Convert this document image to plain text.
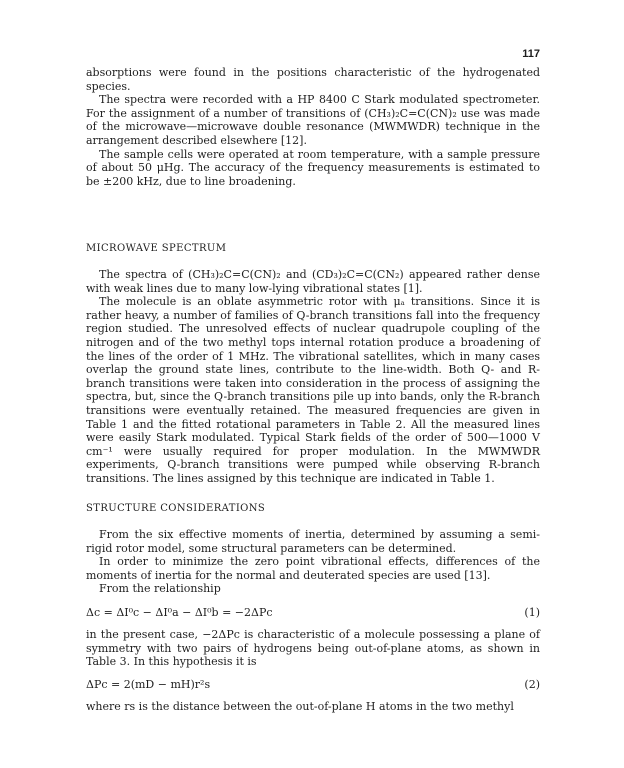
117

absorptions were found in the positions characteristic of the hydrogenated species.

The spectra were recorded with a HP 8400 C Stark modulated spectrometer. For the assignment of a number of transitions of (CH₃)₂C=C(CN)₂ use was made of the microwave—microwave double resonance (MWMWDR) technique in the arrangement described elsewhere [12].

The sample cells were operated at room temperature, with a sample pressure of about 50 μHg. The accuracy of the frequency measurements is estimated to be ±200 kHz, due to line broadening.

MICROWAVE SPECTRUM

The spectra of (CH₃)₂C=C(CN)₂ and (CD₃)₂C=C(CN₂) appeared rather dense with weak lines due to many low-lying vibrational states [1].

The molecule is an oblate asymmetric rotor with μₐ transitions. Since it is rather heavy, a number of families of Q-branch transitions fall into the frequency region studied. The unresolved effects of nuclear quadrupole coupling of the nitrogen and of the two methyl tops internal rotation produce a broadening of the lines of the order of 1 MHz. The vibrational satellites, which in many cases overlap the ground state lines, contribute to the line-width. Both Q- and R-branch transitions were taken into consideration in the process of assigning the spectra, but, since the Q-branch transitions pile up into bands, only the R-branch transitions were eventually retained. The measured frequencies are given in Table 1 and the fitted rotational parameters in Table 2. All the measured lines were easily Stark modulated. Typical Stark fields of the order of 500—1000 V cm⁻¹ were usually required for proper modulation. In the MWMWDR experiments, Q-branch transitions were pumped while observing R-branch transitions. The lines assigned by this technique are indicated in Table 1.

STRUCTURE CONSIDERATIONS

From the six effective moments of inertia, determined by assuming a semi-rigid rotor model, some structural parameters can be determined.

In order to minimize the zero point vibrational effects, differences of the moments of inertia for the normal and deuterated species are used [13].

From the relationship

Δc = ΔI⁰c − ΔI⁰a − ΔI⁰b = −2ΔPc	(1)

in the present case, −2ΔPc is characteristic of a molecule possessing a plane of symmetry with two pairs of hydrogens being out-of-plane atoms, as shown in Table 3. In this hypothesis it is

ΔPc = 2(mD − mH)r²s	(2)

where rs is the distance between the out-of-plane H atoms in the two methyl
